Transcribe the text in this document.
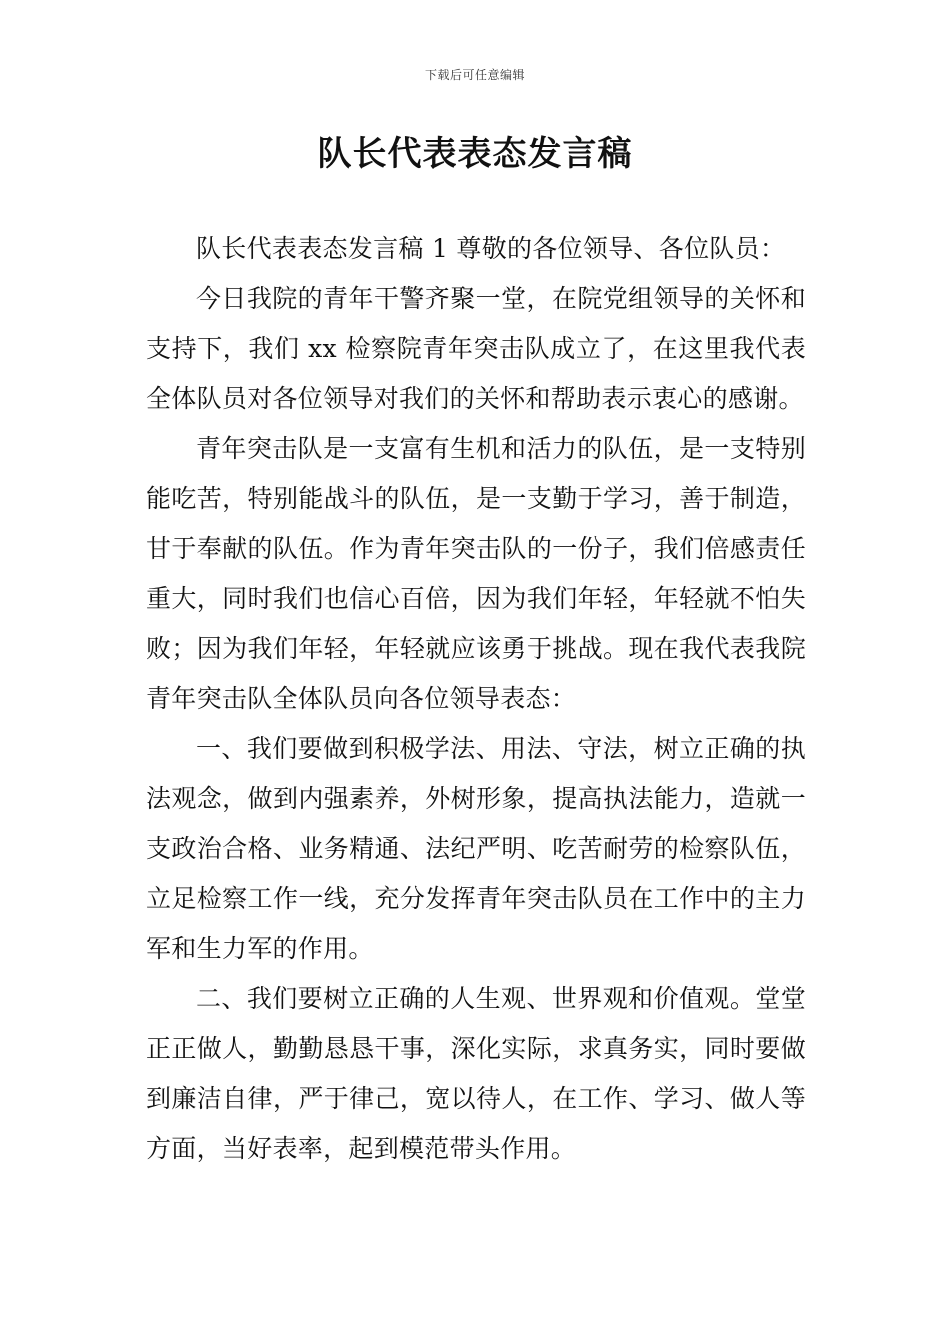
下载后可任意编辑
队长代表表态发言稿

队长代表表态发言稿 1 尊敬的各位领导、各位队员：

今日我院的青年干警齐聚一堂，在院党组领导的关怀和支持下，我们 xx 检察院青年突击队成立了，在这里我代表全体队员对各位领导对我们的关怀和帮助表示衷心的感谢。

青年突击队是一支富有生机和活力的队伍，是一支特别能吃苦，特别能战斗的队伍，是一支勤于学习，善于制造，甘于奉献的队伍。作为青年突击队的一份子，我们倍感责任重大，同时我们也信心百倍，因为我们年轻，年轻就不怕失败；因为我们年轻，年轻就应该勇于挑战。现在我代表我院青年突击队全体队员向各位领导表态：

一、我们要做到积极学法、用法、守法，树立正确的执法观念，做到内强素养，外树形象，提高执法能力，造就一支政治合格、业务精通、法纪严明、吃苦耐劳的检察队伍，立足检察工作一线，充分发挥青年突击队员在工作中的主力军和生力军的作用。

二、我们要树立正确的人生观、世界观和价值观。堂堂正正做人，勤勤恳恳干事，深化实际，求真务实，同时要做到廉洁自律，严于律己，宽以待人，在工作、学习、做人等方面，当好表率，起到模范带头作用。
